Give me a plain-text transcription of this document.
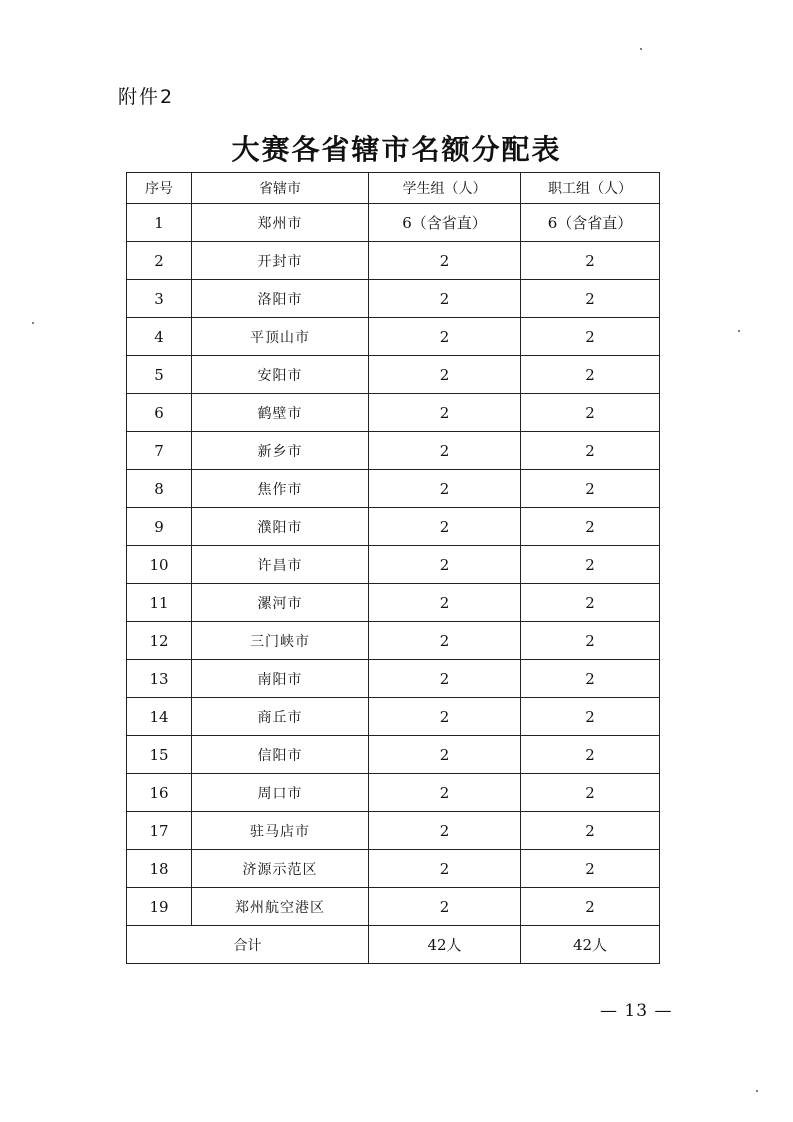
附件2
大赛各省辖市名额分配表
序号	省辖市	学生组（人）	职工组（人）
1	郑州市	6（含省直）	6（含省直）
2	开封市	2	2
3	洛阳市	2	2
4	平顶山市	2	2
5	安阳市	2	2
6	鹤壁市	2	2
7	新乡市	2	2
8	焦作市	2	2
9	濮阳市	2	2
10	许昌市	2	2
11	漯河市	2	2
12	三门峡市	2	2
13	南阳市	2	2
14	商丘市	2	2
15	信阳市	2	2
16	周口市	2	2
17	驻马店市	2	2
18	济源示范区	2	2
19	郑州航空港区	2	2
合计		42人	42人
— 13 —
